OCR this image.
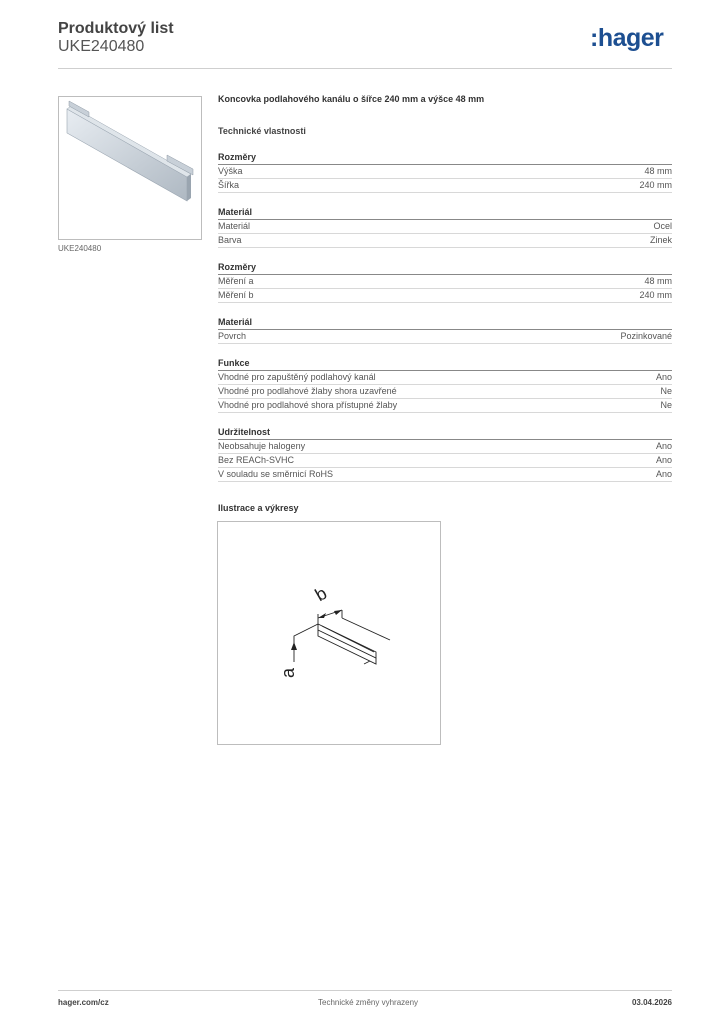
Produktový list
UKE240480	:hager
UKE240480
Koncovka podlahového kanálu o šířce 240 mm a výšce 48 mm
Technické vlastnosti
Rozměry
Výška	48 mm
Šířka	240 mm
Materiál
Materiál	Ocel
Barva	Zinek
Rozměry
Měření a	48 mm
Měření b	240 mm
Materiál
Povrch	Pozinkované
Funkce
Vhodné pro zapuštěný podlahový kanál	Ano
Vhodné pro podlahové žlaby shora uzavřené	Ne
Vhodné pro podlahové shora přístupné žlaby	Ne
Udržitelnost
Neobsahuje halogeny	Ano
Bez REACh-SVHC	Ano
V souladu se směrnicí RoHS	Ano
Ilustrace a výkresy
b
a
hager.com/cz	Technické změny vyhrazeny	03.04.2026
